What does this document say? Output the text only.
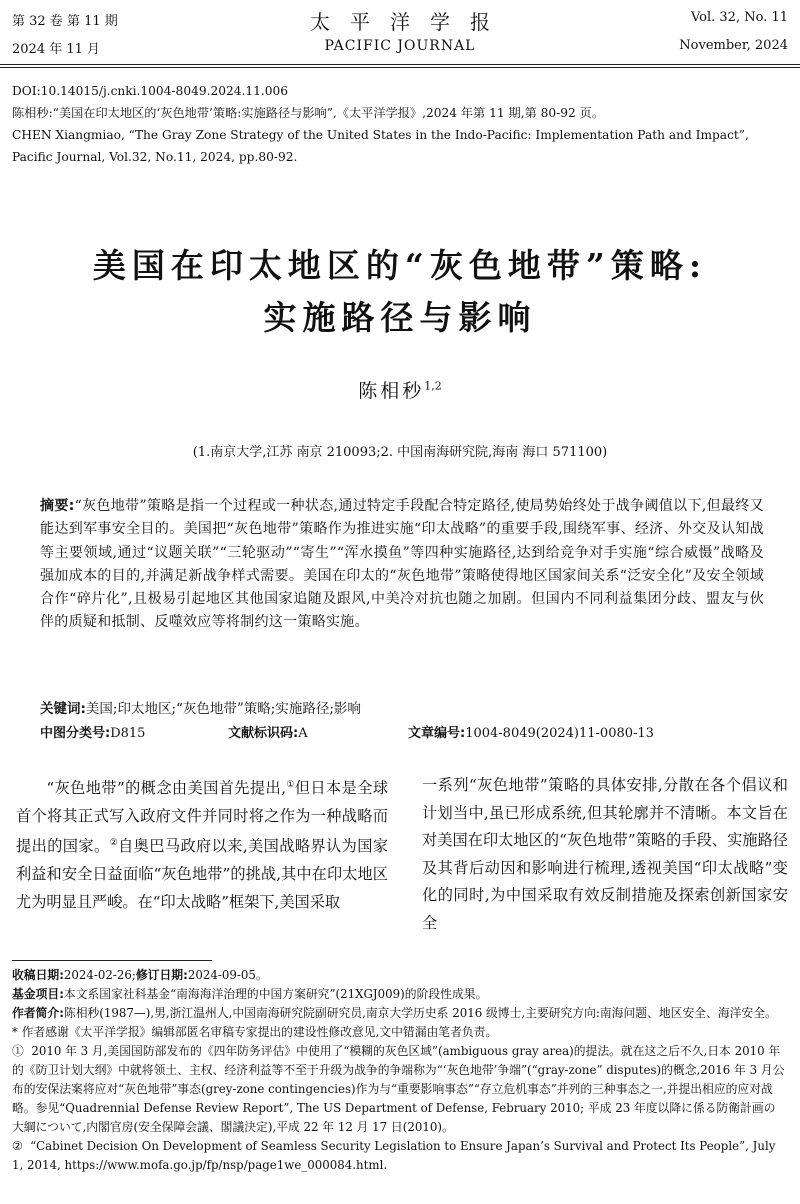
第 32 卷 第 11 期
2024 年 11 月
太平洋学报
PACIFIC JOURNAL
Vol. 32, No. 11
November, 2024
DOI:10.14015/j.cnki.1004-8049.2024.11.006
陈相秒:“美国在印太地区的‘灰色地带’策略:实施路径与影响”,《太平洋学报》,2024 年第 11 期,第 80-92 页。
CHEN Xiangmiao, “The Gray Zone Strategy of the United States in the Indo-Pacific: Implementation Path and Impact”, Pacific Journal, Vol.32, No.11, 2024, pp.80-92.
美国在印太地区的“灰色地带”策略:
实施路径与影响
陈相秒$^{1,2}$
(1.南京大学,江苏 南京 210093;2. 中国南海研究院,海南 海口 571100)
摘要:“灰色地带”策略是指一个过程或一种状态,通过特定手段配合特定路径,使局势始终处于战争阈值以下,但最终又能达到军事安全目的。美国把“灰色地带”策略作为推进实施“印太战略”的重要手段,围绕军事、经济、外交及认知战等主要领域,通过“议题关联”“三轮驱动”“寄生”“浑水摸鱼”等四种实施路径,达到给竞争对手实施“综合威慑”战略及强加成本的目的,并满足新战争样式需要。美国在印太的“灰色地带”策略使得地区国家间关系“泛安全化”及安全领域合作“碎片化”,且极易引起地区其他国家追随及跟风,中美冷对抗也随之加剧。但国内不同利益集团分歧、盟友与伙伴的质疑和抵制、反噬效应等将制约这一策略实施。
关键词:美国;印太地区;“灰色地带”策略;实施路径;影响
中图分类号:D815	文献标识码:A	文章编号:1004-8049(2024)11-0080-13

“灰色地带”的概念由美国首先提出,①但日本是全球首个将其正式写入政府文件并同时将之作为一种战略而提出的国家。②自奥巴马政府以来,美国战略界认为国家利益和安全日益面临“灰色地带”的挑战,其中在印太地区尤为明显且严峻。在“印太战略”框架下,美国采取

一系列“灰色地带”策略的具体安排,分散在各个倡议和计划当中,虽已形成系统,但其轮廓并不清晰。本文旨在对美国在印太地区的“灰色地带”策略的手段、实施路径及其背后动因和影响进行梳理,透视美国“印太战略”变化的同时,为中国采取有效反制措施及探索创新国家安全

收稿日期:2024-02-26;修订日期:2024-09-05。
基金项目:本文系国家社科基金“南海海洋治理的中国方案研究”(21XGJ009)的阶段性成果。
作者简介:陈相秒(1987—),男,浙江温州人,中国南海研究院副研究员,南京大学历史系 2016 级博士,主要研究方向:南海问题、地区安全、海洋安全。
* 作者感谢《太平洋学报》编辑部匿名审稿专家提出的建设性修改意见,文中错漏由笔者负责。
① 2010 年 3 月,美国国防部发布的《四年防务评估》中使用了“模糊的灰色区域”(ambiguous gray area)的提法。就在这之后不久,日本 2010 年的《防卫计划大纲》中就将领土、主权、经济利益等不至于升级为战争的争端称为“‘灰色地带’争端”(“gray-zone” disputes)的概念,2016 年 3 月公布的安保法案将应对“灰色地带”事态(grey-zone contingencies)作为与“重要影响事态”“存立危机事态”并列的三种事态之一,并提出相应的应对战略。参见“Quadrennial Defense Review Report”, The US Department of Defense, February 2010; 平成 23 年度以降に係る防衛計画の大綱について,内閣官房(安全保障会議、閣議決定),平成 22 年 12 月 17 日(2010)。
② “Cabinet Decision On Development of Seamless Security Legislation to Ensure Japan’s Survival and Protect Its People”, July 1, 2014, https://www.mofa.go.jp/fp/nsp/page1we_000084.html.
